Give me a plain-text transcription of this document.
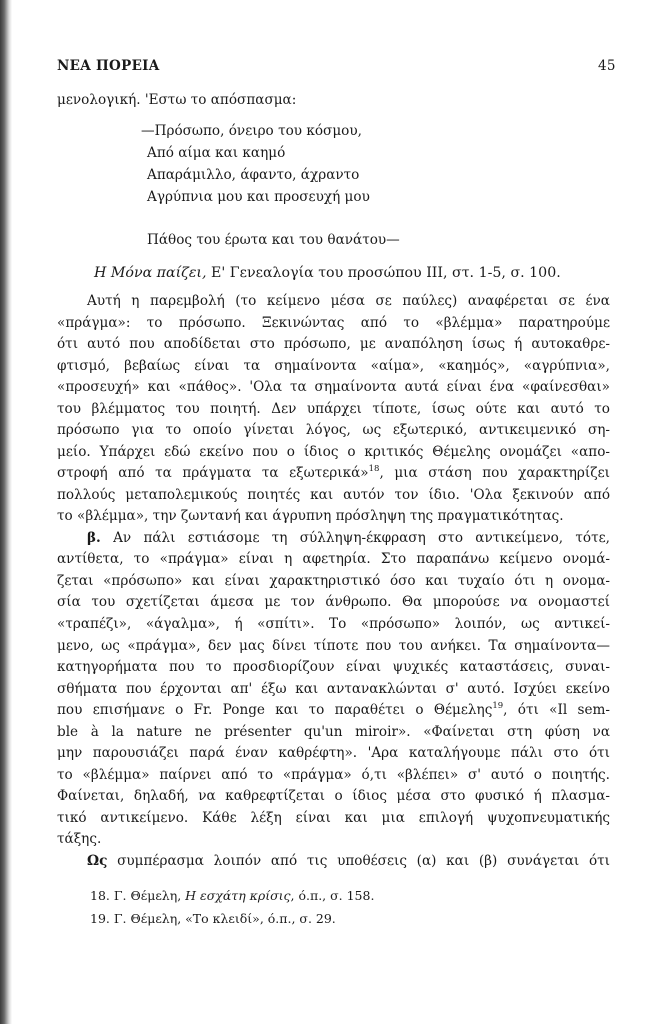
ΝΕΑ ΠΟΡΕΙΑ	45
μενολογική. 'Εστω το απόσπασμα:
—Πρόσωπο, όνειρο του κόσμου,
Από αίμα και καημό
Απαράμιλλο, άφαντο, άχραντο
Αγρύπνια μου και προσευχή μου
Πάθος του έρωτα και του θανάτου—
Η Μόνα παίζει, Ε' Γενεαλογία του προσώπου ΙΙΙ, στ. 1-5, σ. 100.
Αυτή η παρεμβολή (το κείμενο μέσα σε παύλες) αναφέρεται σε ένα
«πράγμα»: το πρόσωπο. Ξεκινώντας από το «βλέμμα» παρατηρούμε
ότι αυτό που αποδίδεται στο πρόσωπο, με αναπόληση ίσως ή αυτοκαθρε-
φτισμό, βεβαίως είναι τα σημαίνοντα «αίμα», «καημός», «αγρύπνια»,
«προσευχή» και «πάθος». 'Ολα τα σημαίνοντα αυτά είναι ένα «φαίνεσθαι»
του βλέμματος του ποιητή. Δεν υπάρχει τίποτε, ίσως ούτε και αυτό το
πρόσωπο για το οποίο γίνεται λόγος, ως εξωτερικό, αντικειμενικό ση-
μείο. Υπάρχει εδώ εκείνο που ο ίδιος ο κριτικός Θέμελης ονομάζει «απο-
στροφή από τα πράγματα τα εξωτερικά»$^{18}$, μια στάση που χαρακτηρίζει
πολλούς μεταπολεμικούς ποιητές και αυτόν τον ίδιο. 'Ολα ξεκινούν από
το «βλέμμα», την ζωντανή και άγρυπνη πρόσληψη της πραγματικότητας.
β. Αν πάλι εστιάσομε τη σύλληψη-έκφραση στο αντικείμενο, τότε,
αντίθετα, το «πράγμα» είναι η αφετηρία. Στο παραπάνω κείμενο ονομά-
ζεται «πρόσωπο» και είναι χαρακτηριστικό όσο και τυχαίο ότι η ονομα-
σία του σχετίζεται άμεσα με τον άνθρωπο. Θα μπορούσε να ονομαστεί
«τραπέζι», «άγαλμα», ή «σπίτι». Το «πρόσωπο» λοιπόν, ως αντικεί-
μενο, ως «πράγμα», δεν μας δίνει τίποτε που του ανήκει. Τα σημαίνοντα—
κατηγορήματα που το προσδιορίζουν είναι ψυχικές καταστάσεις, συναι-
σθήματα που έρχονται απ' έξω και αντανακλώνται σ' αυτό. Ισχύει εκείνο
που επισήμανε ο Fr. Ponge και το παραθέτει ο Θέμελης$^{19}$, ότι «Il sem-
ble à la nature ne présenter qu'un miroir». «Φαίνεται στη φύση να
μην παρουσιάζει παρά έναν καθρέφτη». 'Αρα καταλήγουμε πάλι στο ότι
το «βλέμμα» παίρνει από το «πράγμα» ό,τι «βλέπει» σ' αυτό ο ποιητής.
Φαίνεται, δηλαδή, να καθρεφτίζεται ο ίδιος μέσα στο φυσικό ή πλασμα-
τικό αντικείμενο. Κάθε λέξη είναι και μια επιλογή ψυχοπνευματικής
τάξης.
Ως συμπέρασμα λοιπόν από τις υποθέσεις (α) και (β) συνάγεται ότι
18. Γ. Θέμελη, Η εσχάτη κρίσις, ό.π., σ. 158.
19. Γ. Θέμελη, «Το κλειδί», ό.π., σ. 29.
